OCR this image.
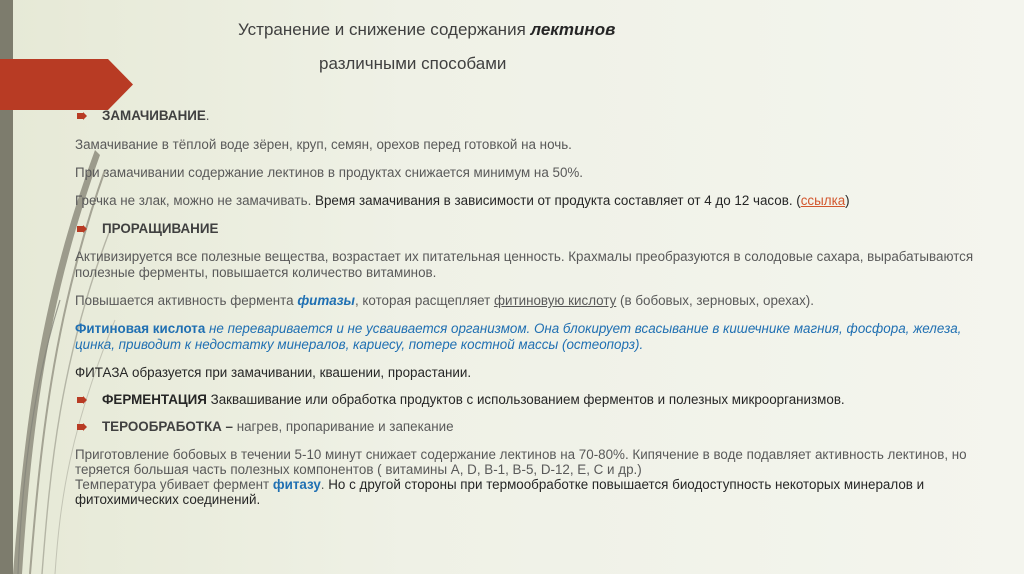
Устранение и снижение содержания лектинов
различными способами

ЗАМАЧИВАНИЕ.

Замачивание в тёплой воде зёрен, круп, семян, орехов перед готовкой на ночь.

При замачивании содержание лектинов в продуктах снижается минимум на 50%.

Гречка не злак, можно не замачивать. Время замачивания в зависимости от продукта составляет от 4 до 12 часов. (ссылка)

ПРОРАЩИВАНИЕ

Активизируется все полезные вещества, возрастает их питательная ценность. Крахмалы преобразуются в солодовые сахара, вырабатываются полезные ферменты, повышается количество витаминов.

Повышается активность фермента фитазы, которая расщепляет фитиновую кислоту (в бобовых, зерновых, орехах).

Фитиновая кислота не переваривается и не усваивается организмом. Она блокирует всасывание в кишечнике магния, фосфора, железа, цинка, приводит к недостатку минералов, кариесу, потере костной массы (остеопорз).

ФИТАЗА образуется при замачивании, квашении, прорастании.

ФЕРМЕНТАЦИЯ Заквашивание или обработка продуктов с использованием ферментов и полезных микроорганизмов.

ТЕРООБРАБОТКА – нагрев, пропаривание и запекание

Приготовление бобовых в течении 5-10 минут снижает содержание лектинов на 70-80%. Кипячение в воде подавляет активность лектинов, но теряется большая часть полезных компонентов ( витамины А, D, В-1, В-5, D-12, Е, С и др.)

Температура убивает фермент фитазу. Но с другой стороны при термообработке повышается биодоступность некоторых минералов и фитохимических соединений.
